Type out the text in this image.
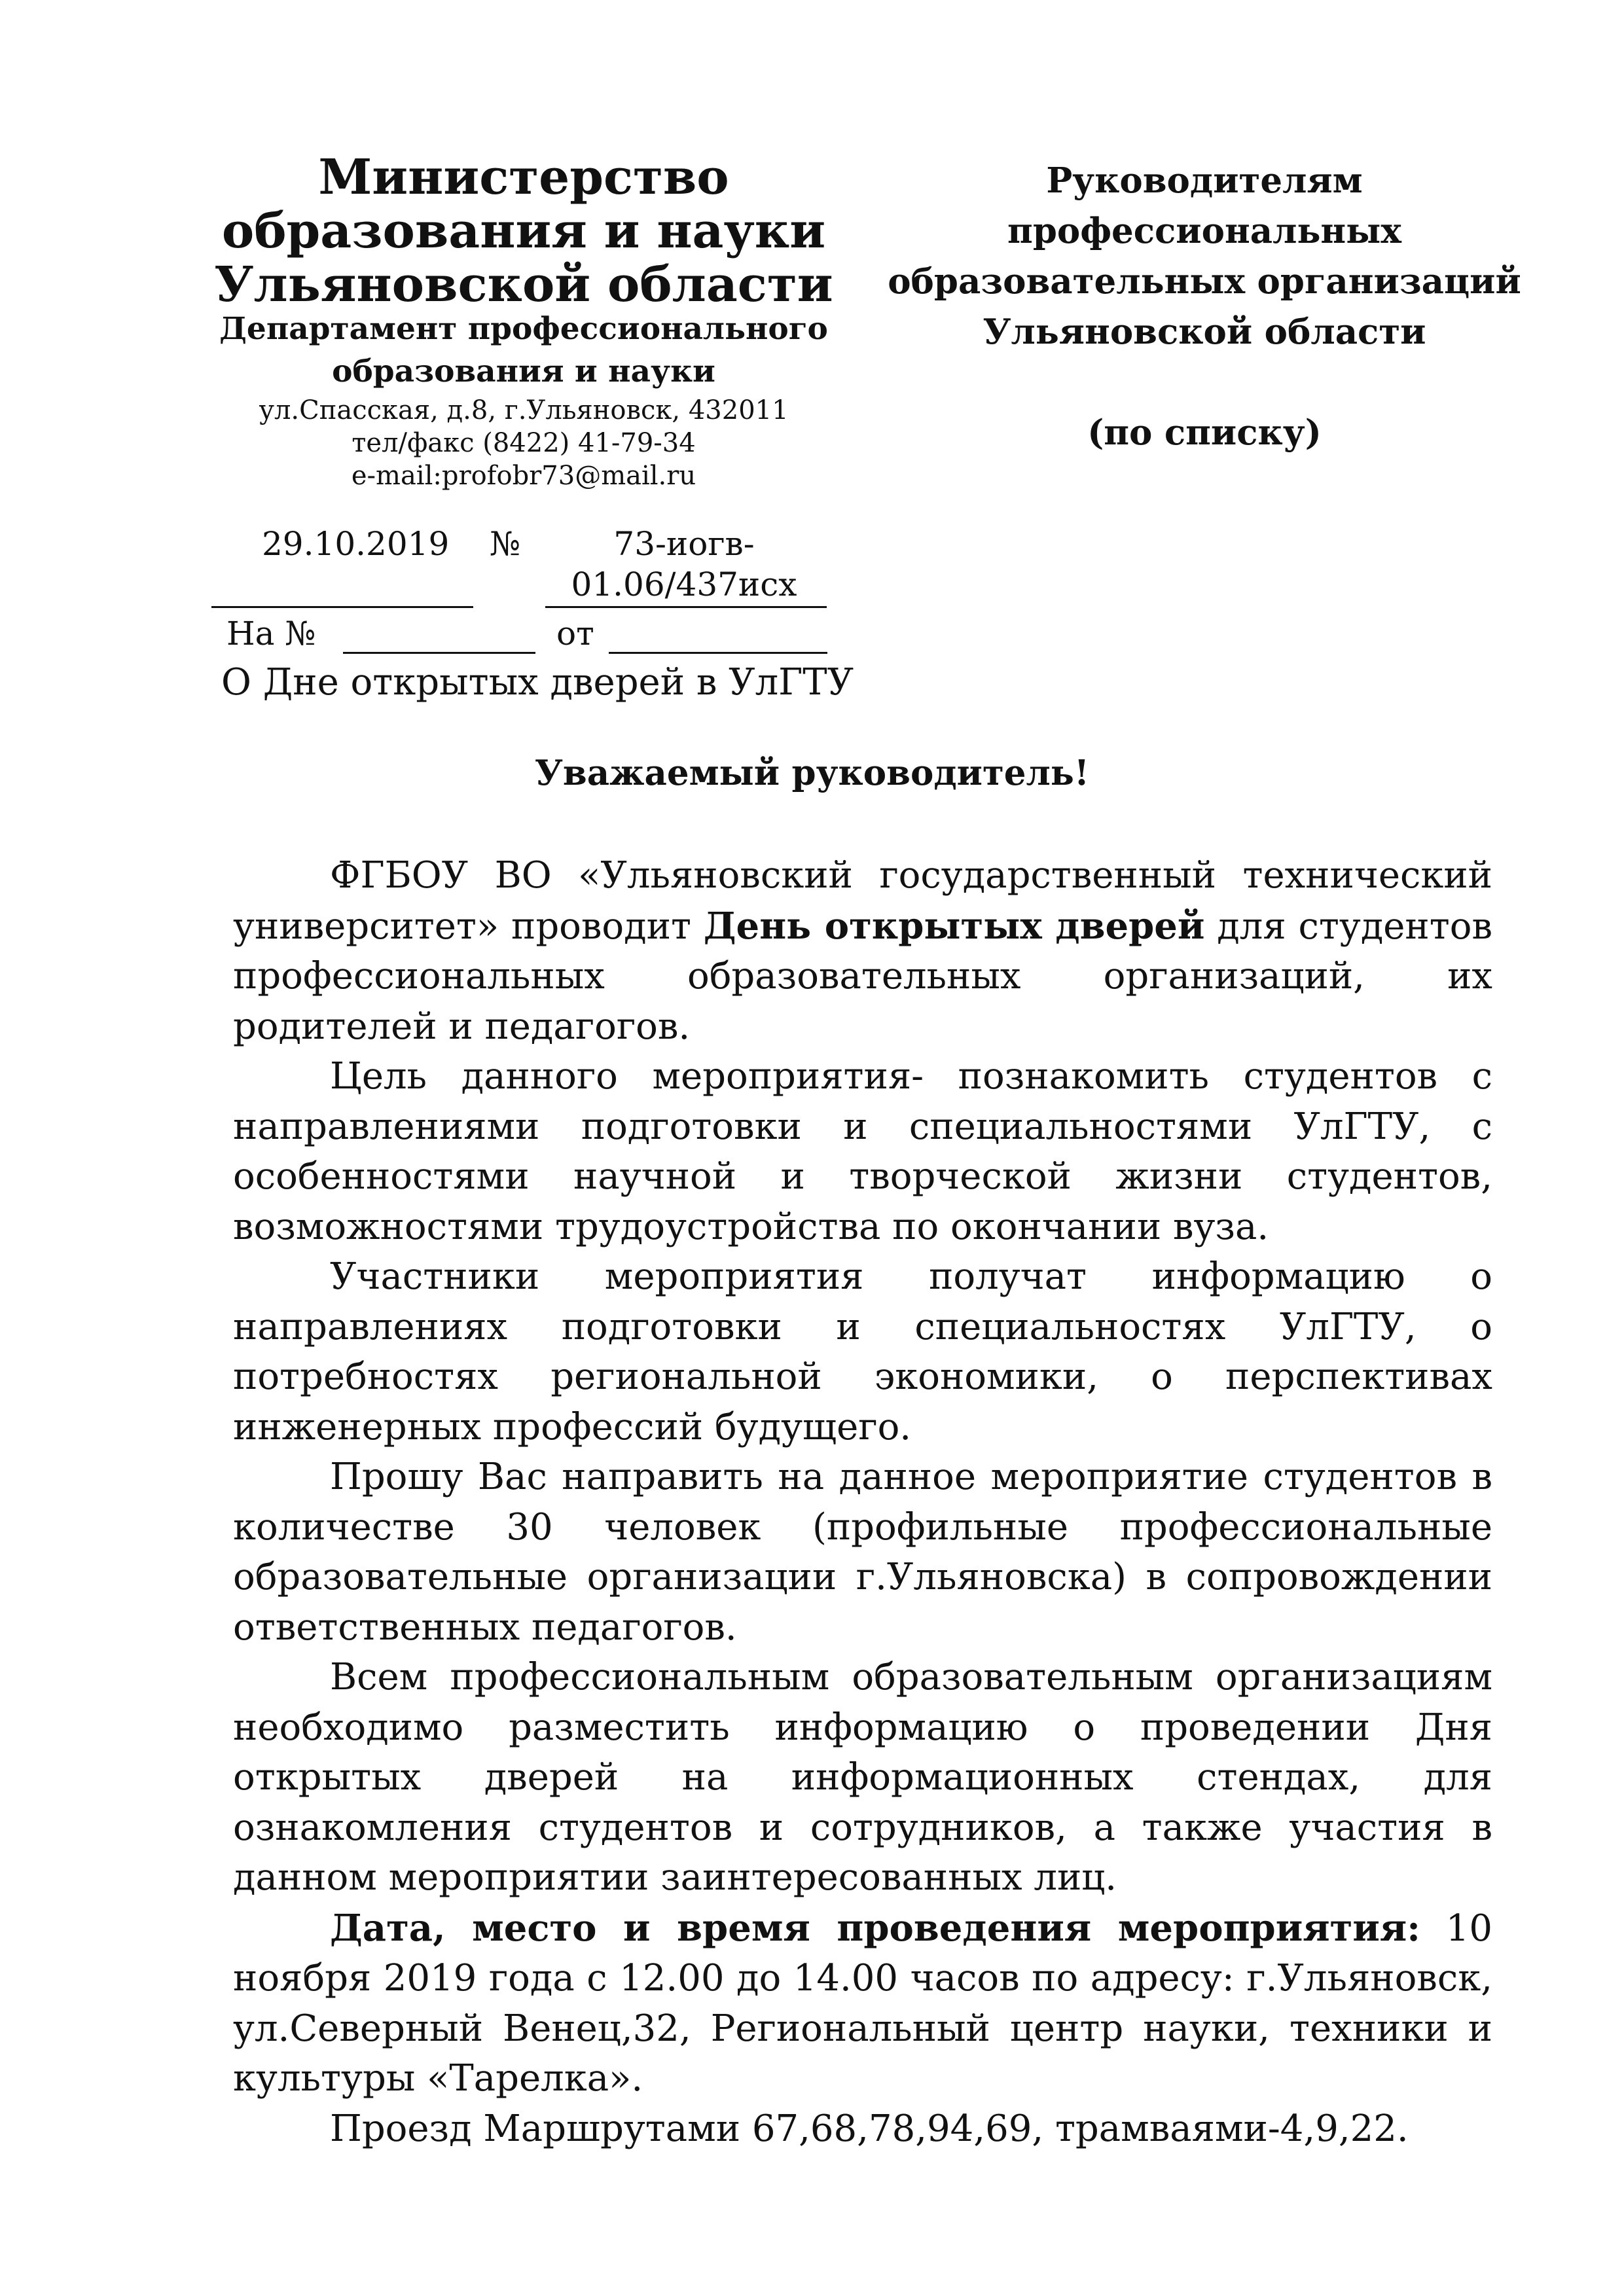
Министерство
образования и науки
Ульяновской области
Департамент профессионального
образования и науки
ул.Спасская, д.8, г.Ульяновск, 432011
тел/факс (8422) 41-79-34
e-mail:profobr73@mail.ru
Руководителям
профессиональных
образовательных организаций
Ульяновской области
(по списку)
29.10.2019 №	73-иогв-
01.06/437исх
На №	от
О Дне открытых дверей в УлГТУ
Уважаемый руководитель!

ФГБОУ ВО «Ульяновский государственный технический университет» проводит День открытых дверей для студентов профессиональных образовательных организаций, их родителей и педагогов.

Цель данного мероприятия- познакомить студентов с направлениями подготовки и специальностями УлГТУ, с особенностями научной и творческой жизни студентов, возможностями трудоустройства по окончании вуза.

Участники мероприятия получат информацию о направлениях подготовки и специальностях УлГТУ, о потребностях региональной экономики, о перспективах инженерных профессий будущего.

Прошу Вас направить на данное мероприятие студентов в количестве 30 человек (профильные профессиональные образовательные организации г.Ульяновска) в сопровождении ответственных педагогов.

Всем профессиональным образовательным организациям необходимо разместить информацию о проведении Дня открытых дверей на информационных стендах, для ознакомления студентов и сотрудников, а также участия в данном мероприятии заинтересованных лиц.

Дата, место и время проведения мероприятия: 10 ноября 2019 года с 12.00 до 14.00 часов по адресу: г.Ульяновск, ул.Северный Венец,32, Региональный центр науки, техники и культуры «Тарелка».

Проезд Маршрутами 67,68,78,94,69, трамваями-4,9,22.
